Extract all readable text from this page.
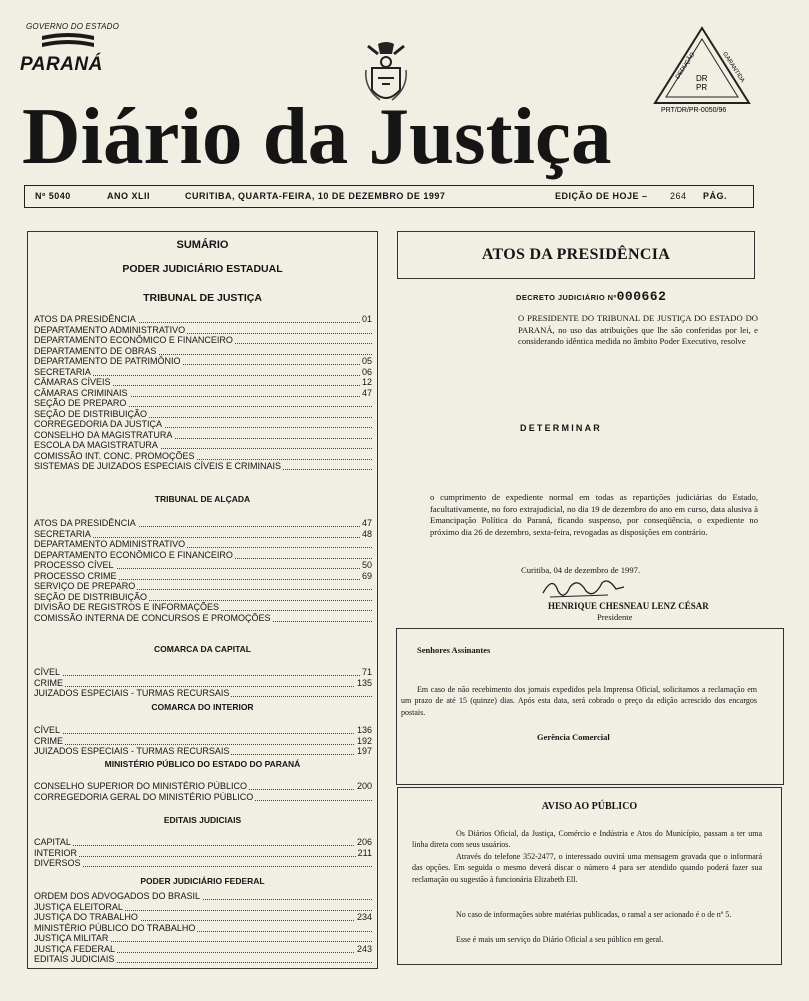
GOVERNO DO ESTADO
PARANÁ	DEDUÇÃO	GARANTIDA
DR
PR
PRT/DR/PR-0050/96
Diário da Justiça
Nº 5040	ANO XLII	CURITIBA, QUARTA-FEIRA, 10 DE DEZEMBRO DE 1997	EDIÇÃO DE HOJE – 264 PÁG.
SUMÁRIO
PODER JUDICIÁRIO ESTADUAL
TRIBUNAL DE JUSTIÇA
ATOS DA PRESIDÊNCIA	01
DEPARTAMENTO ADMINISTRATIVO
DEPARTAMENTO ECONÔMICO E FINANCEIRO
DEPARTAMENTO DE OBRAS
DEPARTAMENTO DE PATRIMÔNIO	05
SECRETARIA	06
CÂMARAS CÍVEIS	12
CÂMARAS CRIMINAIS	47
SEÇÃO DE PREPARO
SEÇÃO DE DISTRIBUIÇÃO
CORREGEDORIA DA JUSTIÇA
CONSELHO DA MAGISTRATURA
ESCOLA DA MAGISTRATURA
COMISSÃO INT. CONC. PROMOÇÕES
SISTEMAS DE JUIZADOS ESPECIAIS CÍVEIS E CRIMINAIS
TRIBUNAL DE ALÇADA
ATOS DA PRESIDÊNCIA	47
SECRETARIA	48
DEPARTAMENTO ADMINISTRATIVO
DEPARTAMENTO ECONÔMICO E FINANCEIRO
PROCESSO CÍVEL	50
PROCESSO CRIME	69
SERVIÇO DE PREPARO
SEÇÃO DE DISTRIBUIÇÃO
DIVISÃO DE REGISTROS E INFORMAÇÕES
COMISSÃO INTERNA DE CONCURSOS E PROMOÇÕES
COMARCA DA CAPITAL
CÍVEL	71
CRIME	135
JUIZADOS ESPECIAIS - TURMAS RECURSAIS
COMARCA DO INTERIOR
CÍVEL	136
CRIME	192
JUIZADOS ESPECIAIS - TURMAS RECURSAIS	197
MINISTÉRIO PÚBLICO DO ESTADO DO PARANÁ
CONSELHO SUPERIOR DO MINISTÉRIO PÚBLICO	200
CORREGEDORIA GERAL DO MINISTÉRIO PÚBLICO
EDITAIS JUDICIAIS
CAPITAL	206
INTERIOR	211
DIVERSOS
PODER JUDICIÁRIO FEDERAL
ORDEM DOS ADVOGADOS DO BRASIL
JUSTIÇA ELEITORAL
JUSTIÇA DO TRABALHO	234
MINISTÉRIO PÚBLICO DO TRABALHO
JUSTIÇA MILITAR
JUSTIÇA FEDERAL	243
EDITAIS JUDICIAIS
ATOS DA PRESIDÊNCIA
DECRETO JUDICIÁRIO Nº000662
O PRESIDENTE DO TRIBUNAL DE JUSTIÇA DO ESTADO DO PARANÁ, no uso das atribuições que lhe são conferidas por lei, e considerando idêntica medida no âmbito Poder Executivo, resolve
DETERMINAR
o cumprimento de expediente normal em todas as repartições judiciárias do Estado, facultativamente, no foro extrajudicial, no dia 19 de dezembro do ano em curso, data alusiva à Emancipação Política do Paraná, ficando suspenso, por conseqüência, o expediente no próximo dia 26 de dezembro, sexta-feira, revogadas as disposições em contrário.
Curitiba, 04 de dezembro de 1997.
HENRIQUE CHESNEAU LENZ CÉSAR
Presidente
Senhores Assinantes
Em caso de não recebimento dos jornais expedidos pela Imprensa Oficial, solicitamos a reclamação em um prazo de até 15 (quinze) dias. Após esta data, será cobrado o preço da edição acrescido dos encargos postais.
Gerência Comercial
AVISO AO PÚBLICO
Os Diários Oficial, da Justiça, Comércio e Indústria e Atos do Município, passam a ter uma linha direta com seus usuários.
Através do telefone 352-2477, o interessado ouvirá uma mensagem gravada que o informará das opções. Em seguida o mesmo deverá discar o número 4 para ser atendido quando poderá fazer sua reclamação ou sugestão à funcionária Elizabeth Ell.
No caso de informações sobre matérias publicadas, o ramal a ser acionado é o de nº 5.
Esse é mais um serviço do Diário Oficial a seu público em geral.
